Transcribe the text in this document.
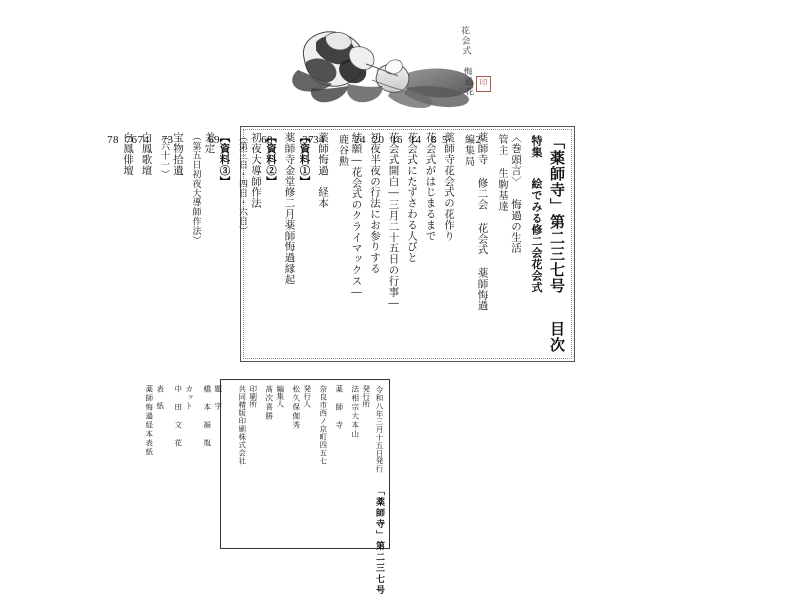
花会式 悔過花 印
「薬師寺」第二三七号 目次
特集 絵でみる修二会花会式
〈巻頭言〉 悔過の生活
管主 生駒基達
2
薬師寺 修二会 花会式 薬師悔過
編集局
5
薬師寺花会式の花作り
8
花会式がはじまるまで
14
花会式にたずさわる人びと
16
花会式開白―三月二十五日の行事―
20
初夜半夜の行法にお参りする
24
結願―花会式のクライマックス―
鹿谷勲
34
薬師悔過　経本
37
【資料①】
薬師寺金堂修二月薬師悔過縁起
68
【資料②】
初夜大導師作法
（第三日・四日・六日）
69
【資料③】
差定
（第五日初夜大導師作法）
73
宝物拾遺
（六十一）
74
白鳳歌壇
76
白鳳俳壇
78
令和八年三月十五日発行 「薬師寺」第二三七号
発行所
法相宗大本山
薬　師　寺
奈良市西ノ京町四五七
発行人
松久保伽秀
編集人
髙次喜勝
印刷所
共同精版印刷株式会社
題　字
橋　本　凝　胤
カット
中　田　文　花
表　紙
薬師悔過経本表紙
